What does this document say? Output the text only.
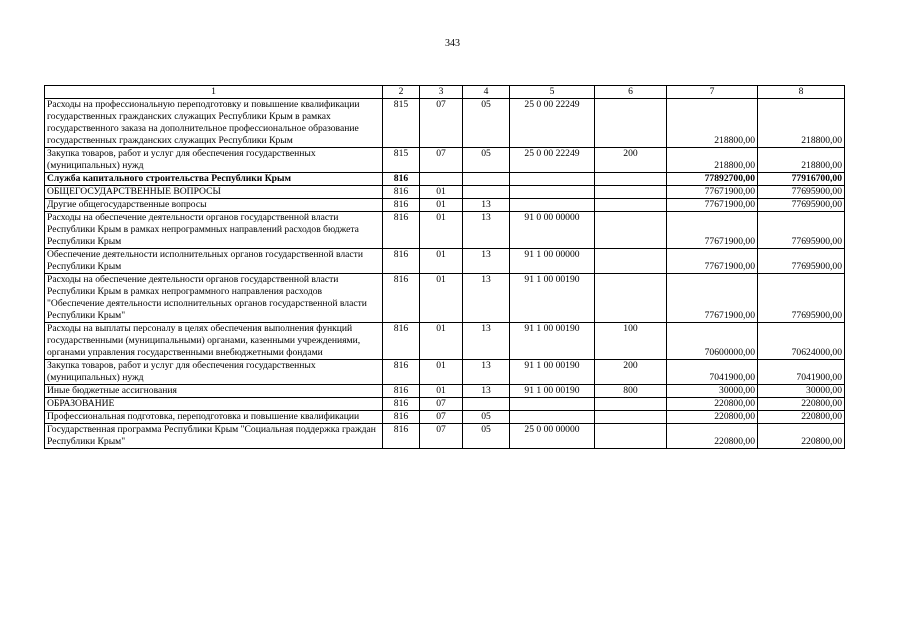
343
1	2	3	4	5	6	7	8
Расходы на профессиональную переподготовку и повышение квалификации государственных гражданских служащих Республики Крым в рамках государственного заказа на дополнительное профессиональное образование государственных гражданских служащих Республики Крым	815	07	05	25 0 00 22249		218800,00	218800,00
Закупка товаров, работ и услуг для обеспечения государственных (муниципальных) нужд	815	07	05	25 0 00 22249	200	218800,00	218800,00
Служба капитального строительства Республики Крым	816					77892700,00	77916700,00
ОБЩЕГОСУДАРСТВЕННЫЕ ВОПРОСЫ	816	01				77671900,00	77695900,00
Другие общегосударственные вопросы	816	01	13			77671900,00	77695900,00
Расходы на обеспечение деятельности органов государственной власти Республики Крым в рамках непрограммных направлений расходов бюджета Республики Крым	816	01	13	91 0 00 00000		77671900,00	77695900,00
Обеспечение деятельности исполнительных органов государственной власти Республики Крым	816	01	13	91 1 00 00000		77671900,00	77695900,00
Расходы на обеспечение деятельности органов государственной власти Республики Крым в рамках непрограммного направления расходов "Обеспечение деятельности исполнительных органов государственной власти Республики Крым"	816	01	13	91 1 00 00190		77671900,00	77695900,00
Расходы на выплаты персоналу в целях обеспечения выполнения функций государственными (муниципальными) органами, казенными учреждениями, органами управления государственными внебюджетными фондами	816	01	13	91 1 00 00190	100	70600000,00	70624000,00
Закупка товаров, работ и услуг для обеспечения государственных (муниципальных) нужд	816	01	13	91 1 00 00190	200	7041900,00	7041900,00
Иные бюджетные ассигнования	816	01	13	91 1 00 00190	800	30000,00	30000,00
ОБРАЗОВАНИЕ	816	07				220800,00	220800,00
Профессиональная подготовка, переподготовка и повышение квалификации	816	07	05			220800,00	220800,00
Государственная программа Республики Крым "Социальная поддержка граждан Республики Крым"	816	07	05	25 0 00 00000		220800,00	220800,00
